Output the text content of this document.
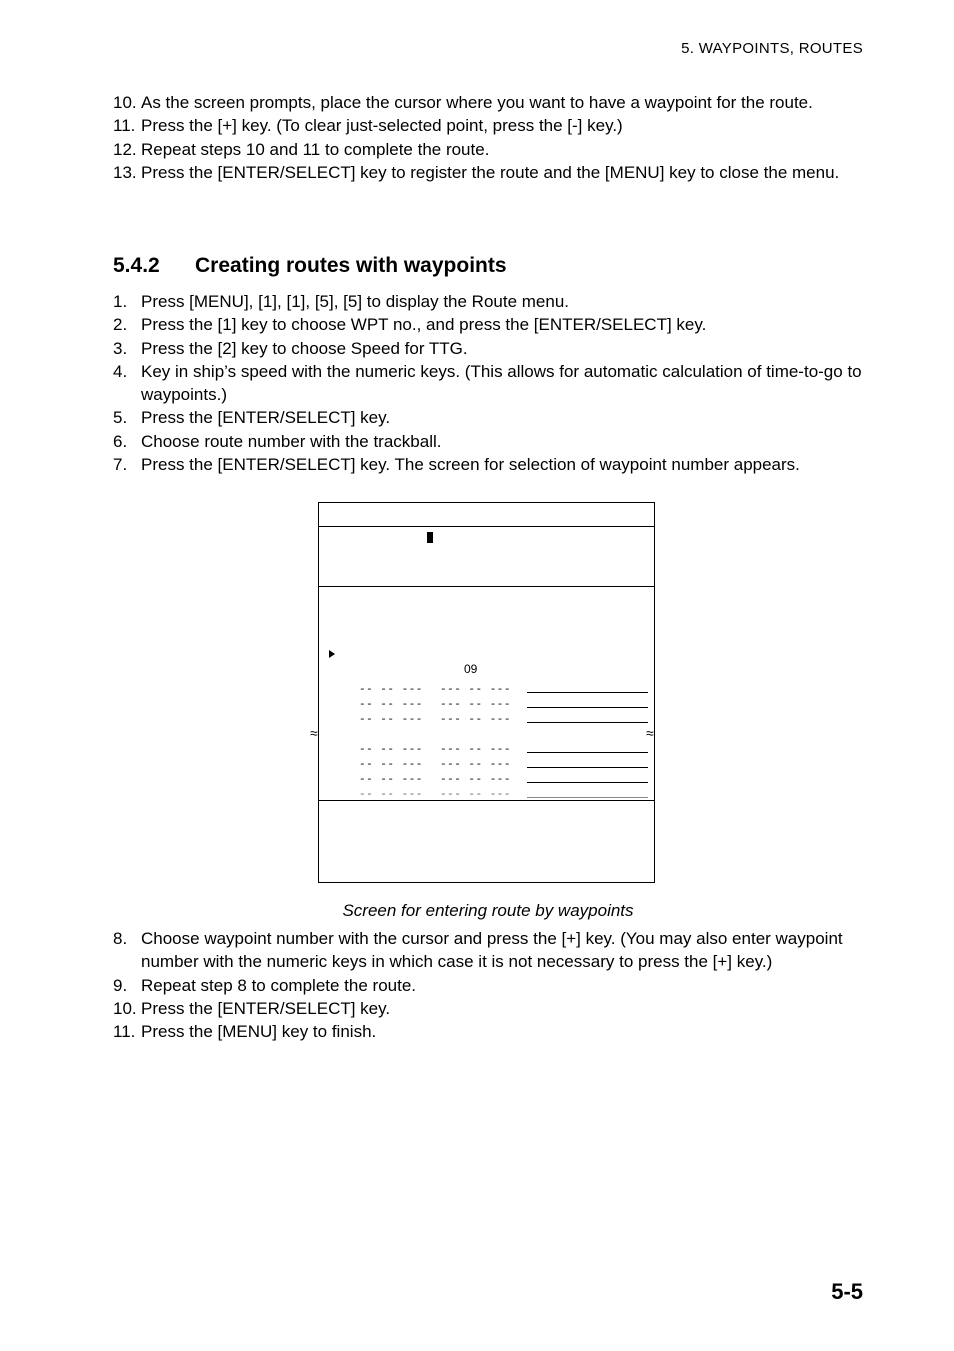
5. WAYPOINTS, ROUTES
10. As the screen prompts, place the cursor where you want to have a waypoint for the route.
11. Press the [+] key. (To clear just-selected point, press the [-] key.)
12. Repeat steps 10 and 11 to complete the route.
13. Press the [ENTER/SELECT] key to register the route and the [MENU] key to close the menu.
5.4.2	Creating routes with waypoints
1. Press [MENU], [1], [1], [5], [5] to display the Route menu.
2. Press the [1] key to choose WPT no., and press the [ENTER/SELECT] key.
3. Press the [2] key to choose Speed for TTG.
4. Key in ship’s speed with the numeric keys. (This allows for automatic calculation of time-to-go to waypoints.)
5. Press the [ENTER/SELECT] key.
6. Choose route number with the trackball.
7. Press the [ENTER/SELECT] key. The screen for selection of waypoint number appears.
09
-- -- --- --- -- ---
-- -- --- --- -- ---
-- -- --- --- -- ---
≈	≈
-- -- --- --- -- ---
-- -- --- --- -- ---
-- -- --- --- -- ---
-- -- --- --- -- ---
Screen for entering route by waypoints
8. Choose waypoint number with the cursor and press the [+] key. (You may also enter waypoint number with the numeric keys in which case it is not necessary to press the [+] key.)
9. Repeat step 8 to complete the route.
10. Press the [ENTER/SELECT] key.
11. Press the [MENU] key to finish.
5-5
